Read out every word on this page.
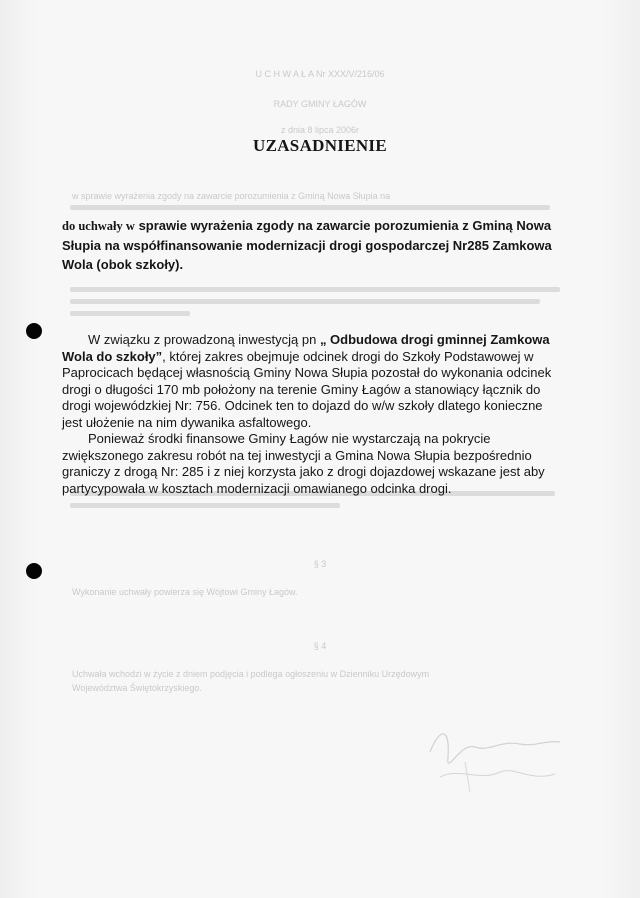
U C H W A Ł A Nr XXX/V/216/06
RADY GMINY ŁAGÓW
z dnia 8 lipca 2006r
w sprawie wyrażenia zgody na zawarcie porozumienia z Gminą Nowa Słupia na
§ 3
Wykonanie uchwały powierza się Wójtowi Gminy Łagów.
§ 4
Uchwała wchodzi w życie z dniem podjęcia i podlega ogłoszeniu w Dzienniku Urzędowym
Województwa Świętokrzyskiego.
UZASADNIENIE
do uchwały w sprawie wyrażenia zgody na zawarcie porozumienia z Gminą Nowa Słupia na współfinansowanie modernizacji drogi gospodarczej Nr285 Zamkowa Wola (obok szkoły).

W związku z prowadzoną inwestycją pn „ Odbudowa drogi gminnej Zamkowa Wola do szkoły”, której zakres obejmuje odcinek drogi do Szkoły Podstawowej w Paprocicach będącej własnością Gminy Nowa Słupia pozostał do wykonania odcinek drogi o długości 170 mb położony na terenie Gminy Łagów a stanowiący łącznik do drogi wojewódzkiej Nr: 756. Odcinek ten to dojazd do w/w szkoły dlatego konieczne jest ułożenie na nim dywanika asfaltowego.

Ponieważ środki finansowe Gminy Łagów nie wystarczają na pokrycie zwiększonego zakresu robót na tej inwestycji a Gmina Nowa Słupia bezpośrednio graniczy z drogą Nr: 285 i z niej korzysta jako z drogi dojazdowej wskazane jest aby partycypowała w kosztach modernizacji omawianego odcinka drogi.
